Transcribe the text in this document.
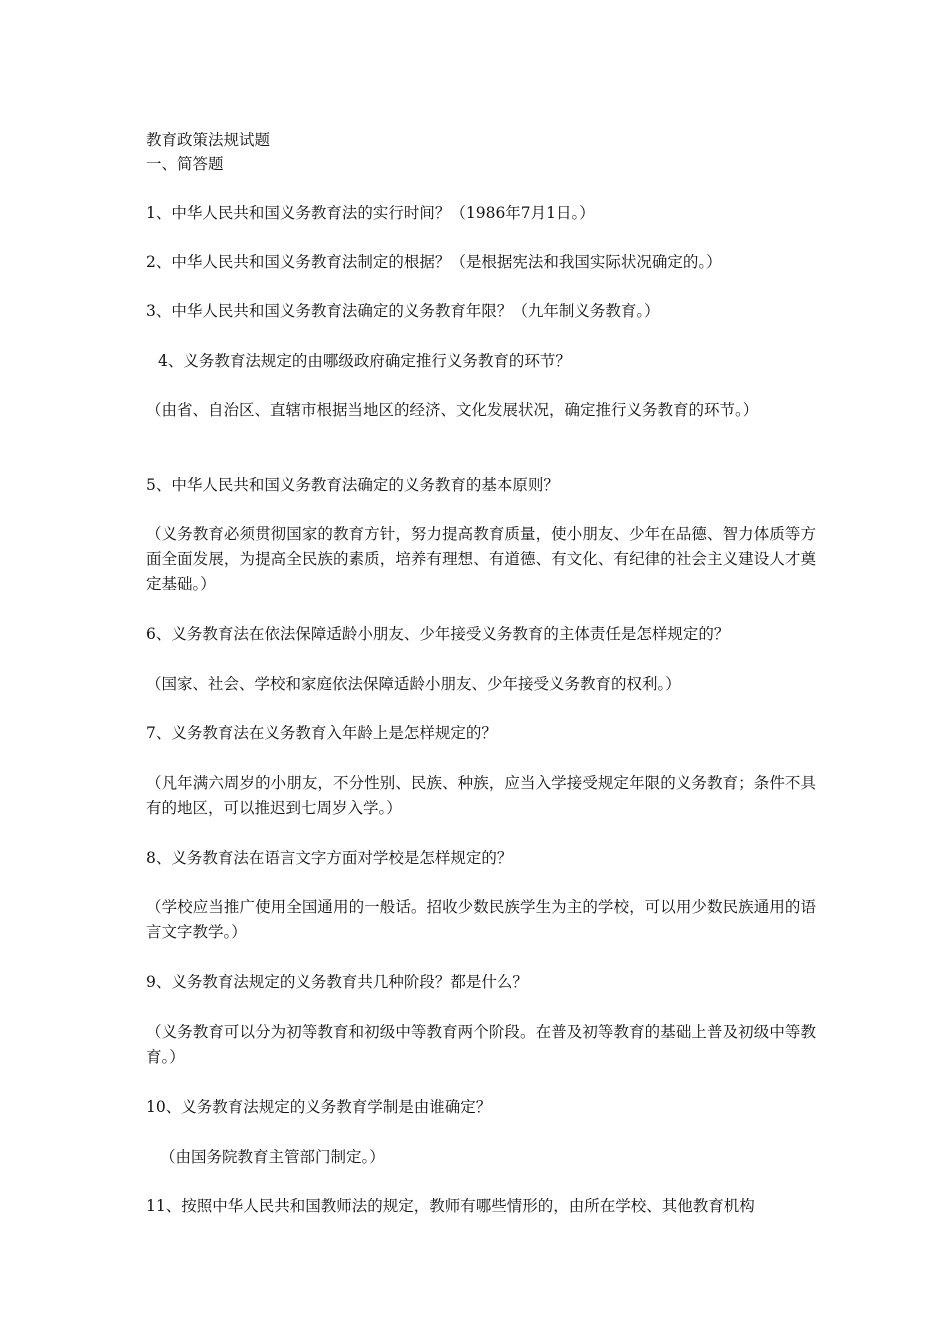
教育政策法规试题
一、简答题
1、中华人民共和国义务教育法的实行时间？（1986年7月1日。）
2、中华人民共和国义务教育法制定的根据？（是根据宪法和我国实际状况确定的。）
3、中华人民共和国义务教育法确定的义务教育年限？（九年制义务教育。）
4、义务教育法规定的由哪级政府确定推行义务教育的环节？
（由省、自治区、直辖市根据当地区的经济、文化发展状况，确定推行义务教育的环节。）
5、中华人民共和国义务教育法确定的义务教育的基本原则？
（义务教育必须贯彻国家的教育方针，努力提高教育质量，使小朋友、少年在品德、智力体质等方面全面发展，为提高全民族的素质，培养有理想、有道德、有文化、有纪律的社会主义建设人才奠定基础。）
6、义务教育法在依法保障适龄小朋友、少年接受义务教育的主体责任是怎样规定的？
（国家、社会、学校和家庭依法保障适龄小朋友、少年接受义务教育的权利。）
7、义务教育法在义务教育入年龄上是怎样规定的？
（凡年满六周岁的小朋友，不分性别、民族、种族，应当入学接受规定年限的义务教育；条件不具有的地区，可以推迟到七周岁入学。）
8、义务教育法在语言文字方面对学校是怎样规定的？
（学校应当推广使用全国通用的一般话。招收少数民族学生为主的学校，可以用少数民族通用的语言文字教学。）
9、义务教育法规定的义务教育共几种阶段？都是什么？
（义务教育可以分为初等教育和初级中等教育两个阶段。在普及初等教育的基础上普及初级中等教育。）
10、义务教育法规定的义务教育学制是由谁确定？
（由国务院教育主管部门制定。）
11、按照中华人民共和国教师法的规定，教师有哪些情形的，由所在学校、其他教育机构
